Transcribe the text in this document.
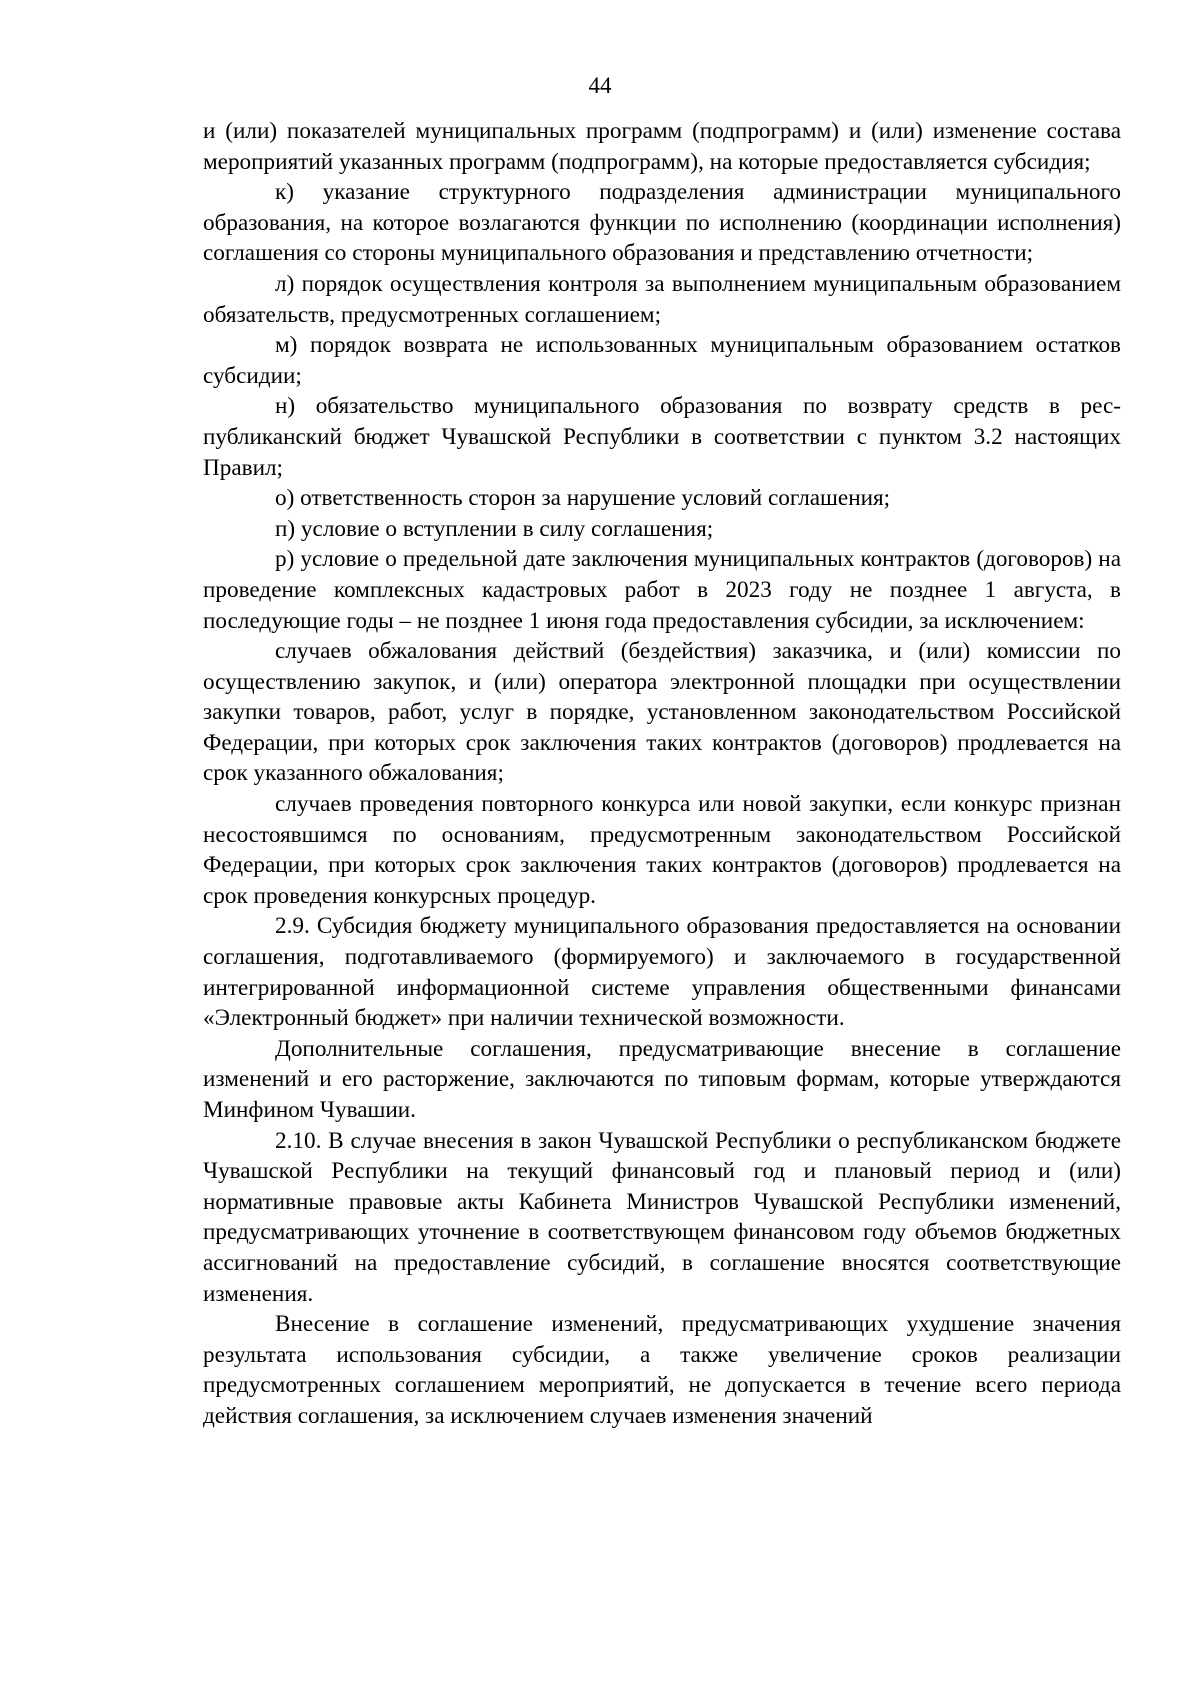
44

и (или) показателей муниципальных программ (подпрограмм) и (или) изменение состава мероприятий указанных программ (подпрограмм), на которые предоставляется субсидия;

к) указание структурного подразделения администрации муниципального образования, на которое возлагаются функции по исполнению (координации исполнения) соглашения со стороны муниципального образования и представлению отчетности;

л) порядок осуществления контроля за выполнением муниципальным образованием обязательств, предусмотренных соглашением;

м) порядок возврата не использованных муниципальным образованием остатков субсидии;

н) обязательство муниципального образования по возврату средств в республиканский бюджет Чувашской Республики в соответствии с пунктом 3.2 настоящих Правил;

о) ответственность сторон за нарушение условий соглашения;

п) условие о вступлении в силу соглашения;

р) условие о предельной дате заключения муниципальных контрактов (договоров) на проведение комплексных кадастровых работ в 2023 году не позднее 1 августа, в последующие годы – не позднее 1 июня года предоставления субсидии, за исключением:

случаев обжалования действий (бездействия) заказчика, и (или) комиссии по осуществлению закупок, и (или) оператора электронной площадки при осуществлении закупки товаров, работ, услуг в порядке, установленном законодательством Российской Федерации, при которых срок заключения таких контрактов (договоров) продлевается на срок указанного обжалования;

случаев проведения повторного конкурса или новой закупки, если конкурс признан несостоявшимся по основаниям, предусмотренным законодательством Российской Федерации, при которых срок заключения таких контрактов (договоров) продлевается на срок проведения конкурсных процедур.

2.9. Субсидия бюджету муниципального образования предоставляется на основании соглашения, подготавливаемого (формируемого) и заключаемого в государственной интегрированной информационной системе управления общественными финансами «Электронный бюджет» при наличии технической возможности.

Дополнительные соглашения, предусматривающие внесение в соглашение изменений и его расторжение, заключаются по типовым формам, которые утверждаются Минфином Чувашии.

2.10. В случае внесения в закон Чувашской Республики о республиканском бюджете Чувашской Республики на текущий финансовый год и плановый период и (или) нормативные правовые акты Кабинета Министров Чувашской Республики изменений, предусматривающих уточнение в соответствующем финансовом году объемов бюджетных ассигнований на предоставление субсидий, в соглашение вносятся соответствующие изменения.

Внесение в соглашение изменений, предусматривающих ухудшение значения результата использования субсидии, а также увеличение сроков реализации предусмотренных соглашением мероприятий, не допускается в течение всего периода действия соглашения, за исключением случаев изменения значений
